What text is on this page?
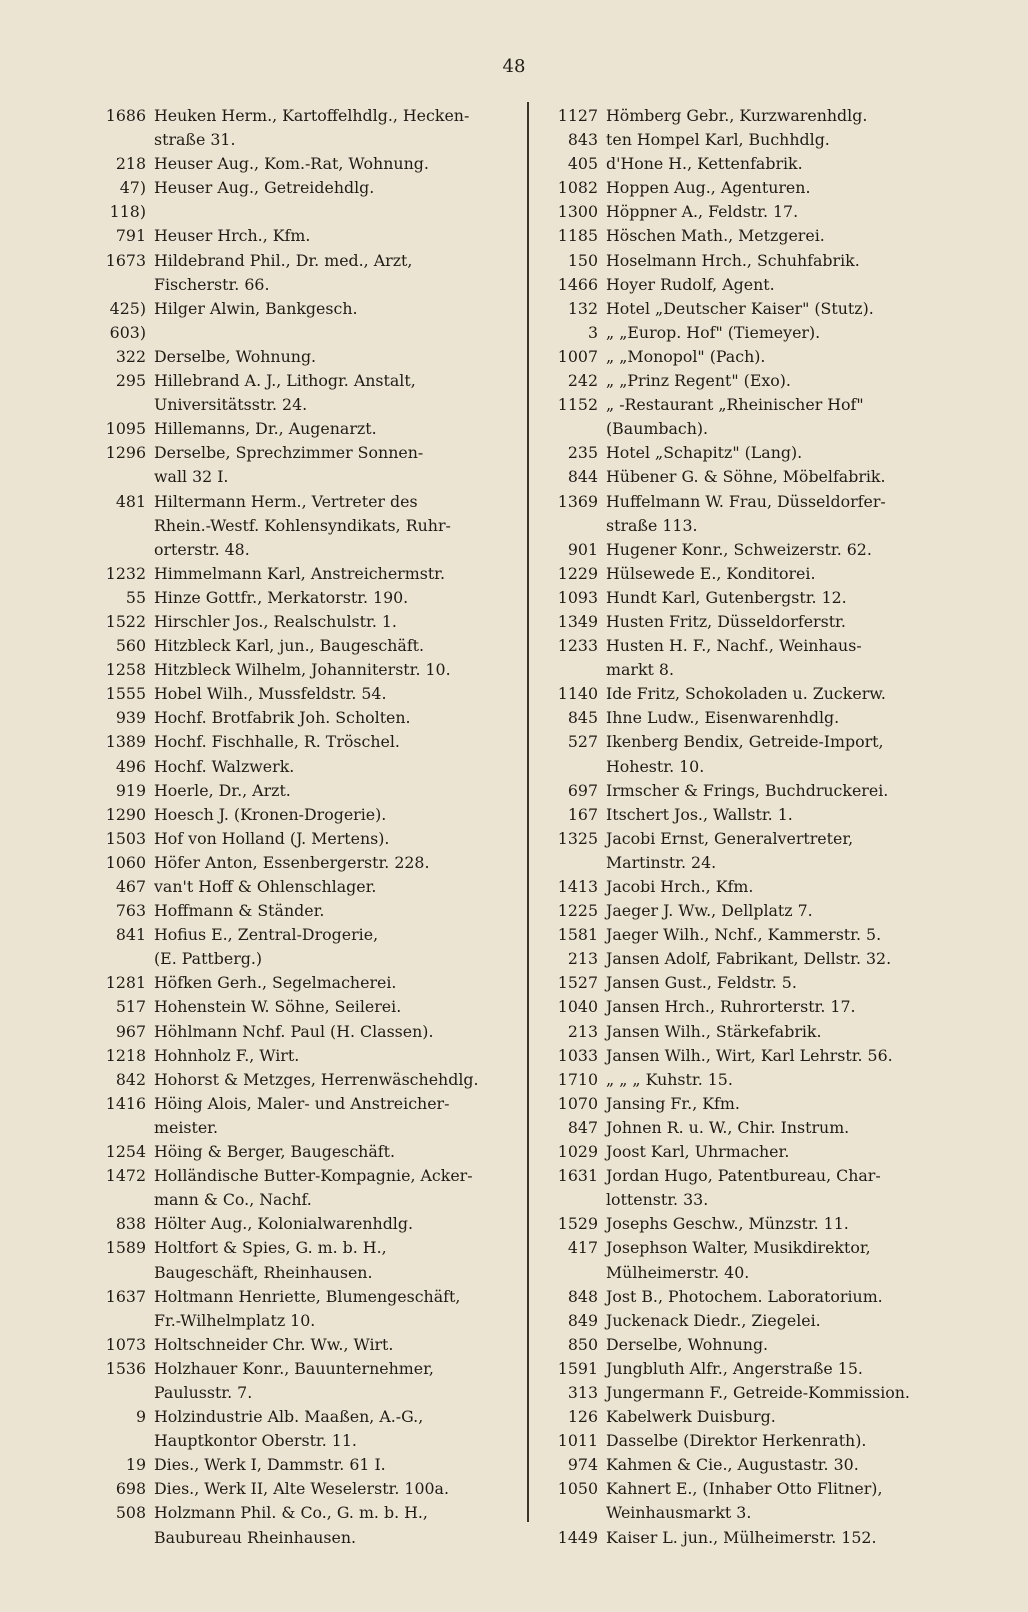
48
1686 Heuken Herm., Kartoffelhdlg., Hecken-
straße 31.
218 Heuser Aug., Kom.-Rat, Wohnung.
47)
118)
Heuser Aug., Getreidehdlg.
791 Heuser Hrch., Kfm.
1673 Hildebrand Phil., Dr. med., Arzt,
Fischerstr. 66.
425)
603)
Hilger Alwin, Bankgesch.
322 Derselbe, Wohnung.
295 Hillebrand A. J., Lithogr. Anstalt,
Universitätsstr. 24.
1095 Hillemanns, Dr., Augenarzt.
1296 Derselbe, Sprechzimmer Sonnen-
wall 32 I.
481 Hiltermann Herm., Vertreter des
Rhein.-Westf. Kohlensyndikats, Ruhr-
orterstr. 48.
1232 Himmelmann Karl, Anstreichermstr.
55 Hinze Gottfr., Merkatorstr. 190.
1522 Hirschler Jos., Realschulstr. 1.
560 Hitzbleck Karl, jun., Baugeschäft.
1258 Hitzbleck Wilhelm, Johanniterstr. 10.
1555 Hobel Wilh., Mussfeldstr. 54.
939 Hochf. Brotfabrik Joh. Scholten.
1389 Hochf. Fischhalle, R. Tröschel.
496 Hochf. Walzwerk.
919 Hoerle, Dr., Arzt.
1290 Hoesch J. (Kronen-Drogerie).
1503 Hof von Holland (J. Mertens).
1060 Höfer Anton, Essenbergerstr. 228.
467 van't Hoff & Ohlenschlager.
763 Hoffmann & Ständer.
841 Hofius E., Zentral-Drogerie,
(E. Pattberg.)
1281 Höfken Gerh., Segelmacherei.
517 Hohenstein W. Söhne, Seilerei.
967 Höhlmann Nchf. Paul (H. Classen).
1218 Hohnholz F., Wirt.
842 Hohorst & Metzges, Herrenwäschehdlg.
1416 Höing Alois, Maler- und Anstreicher-
meister.
1254 Höing & Berger, Baugeschäft.
1472 Holländische Butter-Kompagnie, Acker-
mann & Co., Nachf.
838 Hölter Aug., Kolonialwarenhdlg.
1589 Holtfort & Spies, G. m. b. H.,
Baugeschäft, Rheinhausen.
1637 Holtmann Henriette, Blumengeschäft,
Fr.-Wilhelmplatz 10.
1073 Holtschneider Chr. Ww., Wirt.
1536 Holzhauer Konr., Bauunternehmer,
Paulusstr. 7.
9 Holzindustrie Alb. Maaßen, A.-G.,
Hauptkontor Oberstr. 11.
19 Dies., Werk I, Dammstr. 61 I.
698 Dies., Werk II, Alte Weselerstr. 100a.
508 Holzmann Phil. & Co., G. m. b. H.,
Baubureau Rheinhausen.
1127 Hömberg Gebr., Kurzwarenhdlg.
843 ten Hompel Karl, Buchhdlg.
405 d'Hone H., Kettenfabrik.
1082 Hoppen Aug., Agenturen.
1300 Höppner A., Feldstr. 17.
1185 Höschen Math., Metzgerei.
150 Hoselmann Hrch., Schuhfabrik.
1466 Hoyer Rudolf, Agent.
132 Hotel „Deutscher Kaiser" (Stutz).
3 „ „Europ. Hof" (Tiemeyer).
1007 „ „Monopol" (Pach).
242 „ „Prinz Regent" (Exo).
1152 „ -Restaurant „Rheinischer Hof"
(Baumbach).
235 Hotel „Schapitz" (Lang).
844 Hübener G. & Söhne, Möbelfabrik.
1369 Huffelmann W. Frau, Düsseldorfer-
straße 113.
901 Hugener Konr., Schweizerstr. 62.
1229 Hülsewede E., Konditorei.
1093 Hundt Karl, Gutenbergstr. 12.
1349 Husten Fritz, Düsseldorferstr.
1233 Husten H. F., Nachf., Weinhaus-
markt 8.
1140 Ide Fritz, Schokoladen u. Zuckerw.
845 Ihne Ludw., Eisenwarenhdlg.
527 Ikenberg Bendix, Getreide-Import,
Hohestr. 10.
697 Irmscher & Frings, Buchdruckerei.
167 Itschert Jos., Wallstr. 1.
1325 Jacobi Ernst, Generalvertreter,
Martinstr. 24.
1413 Jacobi Hrch., Kfm.
1225 Jaeger J. Ww., Dellplatz 7.
1581 Jaeger Wilh., Nchf., Kammerstr. 5.
213 Jansen Adolf, Fabrikant, Dellstr. 32.
1527 Jansen Gust., Feldstr. 5.
1040 Jansen Hrch., Ruhrorterstr. 17.
213 Jansen Wilh., Stärkefabrik.
1033 Jansen Wilh., Wirt, Karl Lehrstr. 56.
1710 „ „ „ Kuhstr. 15.
1070 Jansing Fr., Kfm.
847 Johnen R. u. W., Chir. Instrum.
1029 Joost Karl, Uhrmacher.
1631 Jordan Hugo, Patentbureau, Char-
lottenstr. 33.
1529 Josephs Geschw., Münzstr. 11.
417 Josephson Walter, Musikdirektor,
Mülheimerstr. 40.
848 Jost B., Photochem. Laboratorium.
849 Juckenack Diedr., Ziegelei.
850 Derselbe, Wohnung.
1591 Jungbluth Alfr., Angerstraße 15.
313 Jungermann F., Getreide-Kommission.
126 Kabelwerk Duisburg.
1011 Dasselbe (Direktor Herkenrath).
974 Kahmen & Cie., Augustastr. 30.
1050 Kahnert E., (Inhaber Otto Flitner),
Weinhausmarkt 3.
1449 Kaiser L. jun., Mülheimerstr. 152.
